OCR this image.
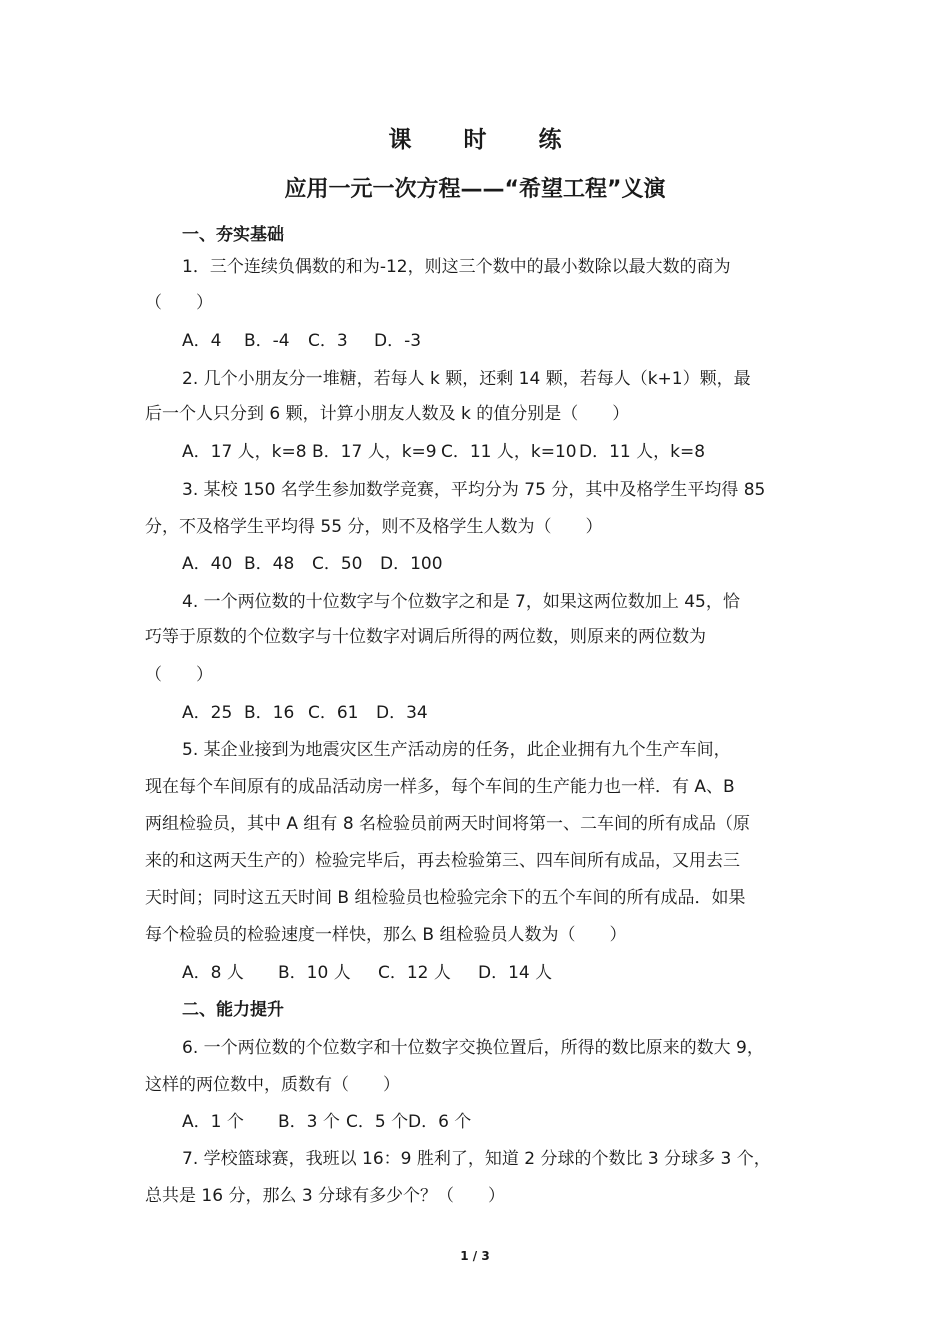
课 时 练
应用一元一次方程——“希望工程”义演
一、夯实基础
1．三个连续负偶数的和为-12，则这三个数中的最小数除以最大数的商为
（　　）
A．4 B．-4 C．3 D．-3
2. 几个小朋友分一堆糖，若每人 k 颗，还剩 14 颗，若每人（k+1）颗，最
后一个人只分到 6 颗，计算小朋友人数及 k 的值分别是（　　）
A．17 人，k=8 B．17 人，k=9 C．11 人，k=10 D．11 人，k=8
3. 某校 150 名学生参加数学竞赛，平均分为 75 分，其中及格学生平均得 85
分，不及格学生平均得 55 分，则不及格学生人数为（　　）
A．40 B．48 C．50 D．100
4. 一个两位数的十位数字与个位数字之和是 7，如果这两位数加上 45，恰
巧等于原数的个位数字与十位数字对调后所得的两位数，则原来的两位数为
（　　）
A．25 B．16 C．61 D．34
5. 某企业接到为地震灾区生产活动房的任务，此企业拥有九个生产车间，
现在每个车间原有的成品活动房一样多，每个车间的生产能力也一样．有 A、B
两组检验员，其中 A 组有 8 名检验员前两天时间将第一、二车间的所有成品（原
来的和这两天生产的）检验完毕后，再去检验第三、四车间所有成品，又用去三
天时间；同时这五天时间 B 组检验员也检验完余下的五个车间的所有成品．如果
每个检验员的检验速度一样快，那么 B 组检验员人数为（　　）
A．8 人 B．10 人 C．12 人 D．14 人
二、能力提升
6. 一个两位数的个位数字和十位数字交换位置后，所得的数比原来的数大 9，
这样的两位数中，质数有（　　）
A．1 个 B．3 个 C．5 个D．6 个
7. 学校篮球赛，我班以 16：9 胜利了，知道 2 分球的个数比 3 分球多 3 个，
总共是 16 分，那么 3 分球有多少个？（　　）
1 / 3
